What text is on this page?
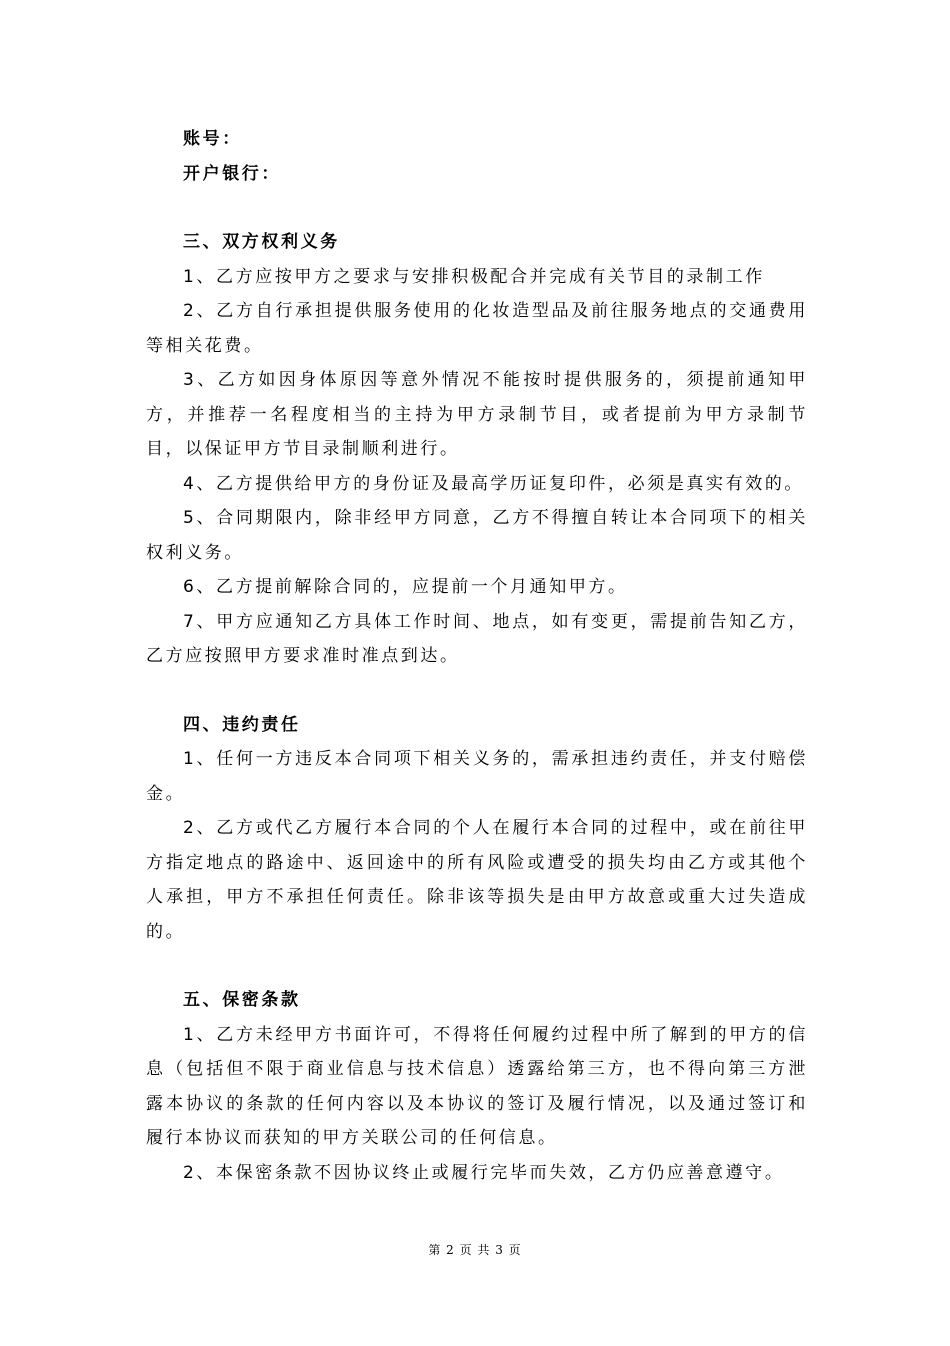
账号：
开户银行：
三、双方权利义务

1、乙方应按甲方之要求与安排积极配合并完成有关节目的录制工作

2、乙方自行承担提供服务使用的化妆造型品及前往服务地点的交通费用等相关花费。

3、乙方如因身体原因等意外情况不能按时提供服务的，须提前通知甲方，并推荐一名程度相当的主持为甲方录制节目，或者提前为甲方录制节目，以保证甲方节目录制顺利进行。

4、乙方提供给甲方的身份证及最高学历证复印件，必须是真实有效的。

5、合同期限内，除非经甲方同意，乙方不得擅自转让本合同项下的相关权利义务。

6、乙方提前解除合同的，应提前一个月通知甲方。

7、甲方应通知乙方具体工作时间、地点，如有变更，需提前告知乙方，乙方应按照甲方要求准时准点到达。

四、违约责任

1、任何一方违反本合同项下相关义务的，需承担违约责任，并支付赔偿金。

2、乙方或代乙方履行本合同的个人在履行本合同的过程中，或在前往甲方指定地点的路途中、返回途中的所有风险或遭受的损失均由乙方或其他个人承担，甲方不承担任何责任。除非该等损失是由甲方故意或重大过失造成的。

五、保密条款

1、乙方未经甲方书面许可，不得将任何履约过程中所了解到的甲方的信息（包括但不限于商业信息与技术信息）透露给第三方，也不得向第三方泄露本协议的条款的任何内容以及本协议的签订及履行情况，以及通过签订和履行本协议而获知的甲方关联公司的任何信息。

2、本保密条款不因协议终止或履行完毕而失效，乙方仍应善意遵守。

第 2 页 共 3 页
